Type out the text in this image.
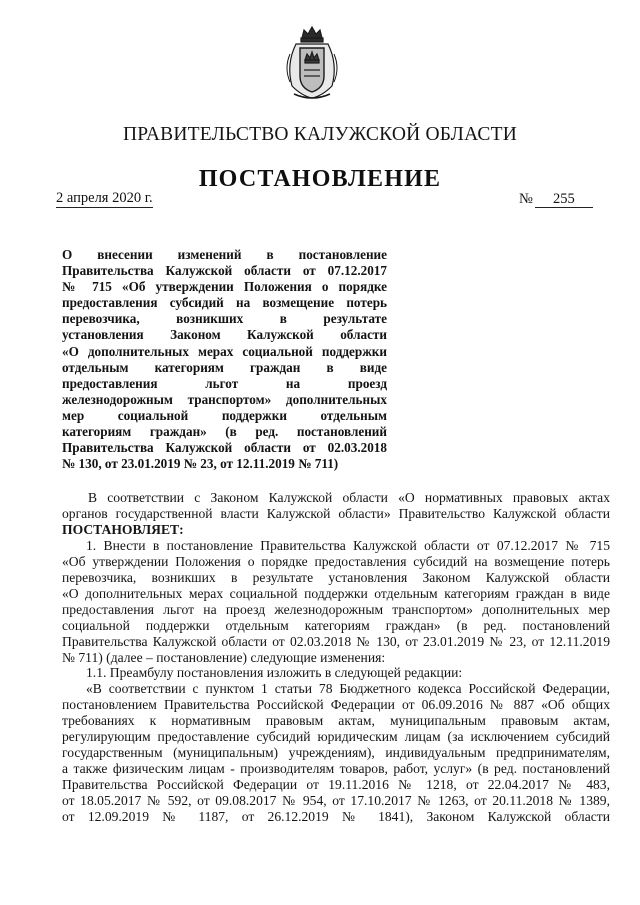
ПРАВИТЕЛЬСТВО КАЛУЖСКОЙ ОБЛАСТИ
ПОСТАНОВЛЕНИЕ
2 апреля 2020 г.	№ 255
О внесении изменений в постановление
Правительства Калужской области от 07.12.2017
№ 715 «Об утверждении Положения о порядке
предоставления субсидий на возмещение потерь
перевозчика, возникших в результате
установления Законом Калужской области
«О дополнительных мерах социальной поддержки
отдельным категориям граждан в виде
предоставления льгот на проезд
железнодорожным транспортом» дополнительных
мер социальной поддержки отдельным
категориям граждан» (в ред. постановлений
Правительства Калужской области от 02.03.2018
№ 130, от 23.01.2019 № 23, от 12.11.2019 № 711)
В соответствии с Законом Калужской области «О нормативных правовых актах
органов государственной власти Калужской области» Правительство Калужской области
ПОСТАНОВЛЯЕТ:
1. Внести в постановление Правительства Калужской области от 07.12.2017 № 715
«Об утверждении Положения о порядке предоставления субсидий на возмещение потерь
перевозчика, возникших в результате установления Законом Калужской области
«О дополнительных мерах социальной поддержки отдельным категориям граждан в виде
предоставления льгот на проезд железнодорожным транспортом» дополнительных мер
социальной поддержки отдельным категориям граждан» (в ред. постановлений
Правительства Калужской области от 02.03.2018 № 130, от 23.01.2019 № 23, от 12.11.2019
№ 711) (далее – постановление) следующие изменения:
1.1. Преамбулу постановления изложить в следующей редакции:
«В соответствии с пунктом 1 статьи 78 Бюджетного кодекса Российской Федерации,
постановлением Правительства Российской Федерации от 06.09.2016 № 887 «Об общих
требованиях к нормативным правовым актам, муниципальным правовым актам,
регулирующим предоставление субсидий юридическим лицам (за исключением субсидий
государственным (муниципальным) учреждениям), индивидуальным предпринимателям,
а также физическим лицам - производителям товаров, работ, услуг» (в ред. постановлений
Правительства Российской Федерации от 19.11.2016 № 1218, от 22.04.2017 № 483,
от 18.05.2017 № 592, от 09.08.2017 № 954, от 17.10.2017 № 1263, от 20.11.2018 № 1389,
от 12.09.2019 № 1187, от 26.12.2019 № 1841), Законом Калужской области
